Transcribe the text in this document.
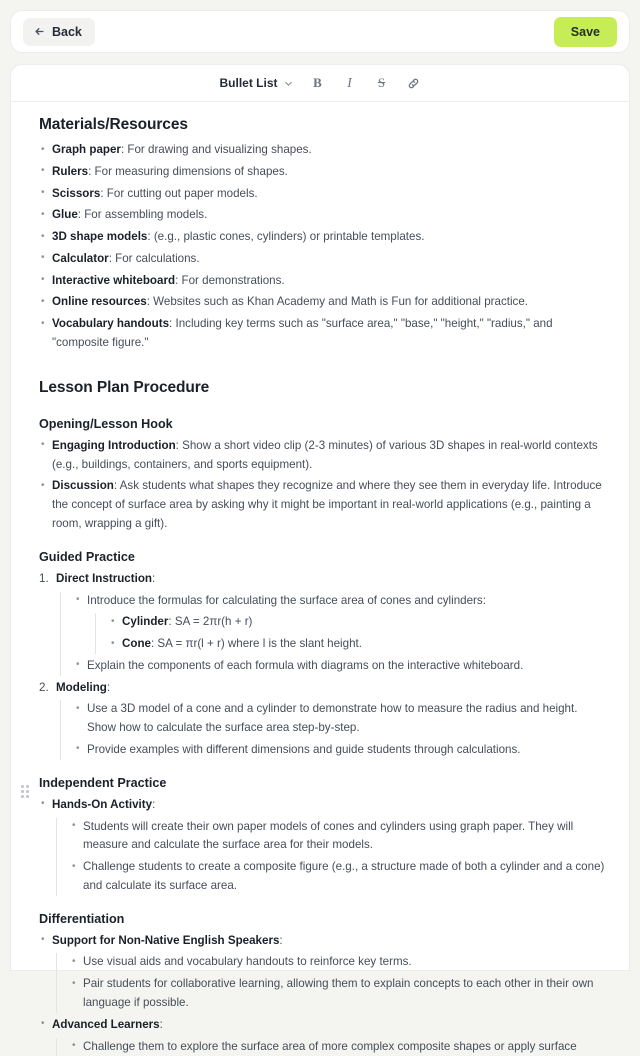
Back	Save
Bullet List	B	I	S
Materials/Resources
• Graph paper: For drawing and visualizing shapes.
• Rulers: For measuring dimensions of shapes.
• Scissors: For cutting out paper models.
• Glue: For assembling models.
• 3D shape models: (e.g., plastic cones, cylinders) or printable templates.
• Calculator: For calculations.
• Interactive whiteboard: For demonstrations.
• Online resources: Websites such as Khan Academy and Math is Fun for additional practice.
• Vocabulary handouts: Including key terms such as "surface area," "base," "height," "radius," and "composite figure."
Lesson Plan Procedure
Opening/Lesson Hook
• Engaging Introduction: Show a short video clip (2-3 minutes) of various 3D shapes in real-world contexts (e.g., buildings, containers, and sports equipment).
• Discussion: Ask students what shapes they recognize and where they see them in everyday life. Introduce the concept of surface area by asking why it might be important in real-world applications (e.g., painting a room, wrapping a gift).
Guided Practice
Direct Instruction:
• Introduce the formulas for calculating the surface area of cones and cylinders:
• Cylinder: SA = 2πr(h + r)
• Cone: SA = πr(l + r) where l is the slant height.
• Explain the components of each formula with diagrams on the interactive whiteboard.
Modeling:
• Use a 3D model of a cone and a cylinder to demonstrate how to measure the radius and height. Show how to calculate the surface area step-by-step.
• Provide examples with different dimensions and guide students through calculations.
Independent Practice
• Hands-On Activity:
• Students will create their own paper models of cones and cylinders using graph paper. They will measure and calculate the surface area for their models.
• Challenge students to create a composite figure (e.g., a structure made of both a cylinder and a cone) and calculate its surface area.
Differentiation
• Support for Non-Native English Speakers:
• Use visual aids and vocabulary handouts to reinforce key terms.
• Pair students for collaborative learning, allowing them to explain concepts to each other in their own language if possible.
• Advanced Learners:
• Challenge them to explore the surface area of more complex composite shapes or apply surface
